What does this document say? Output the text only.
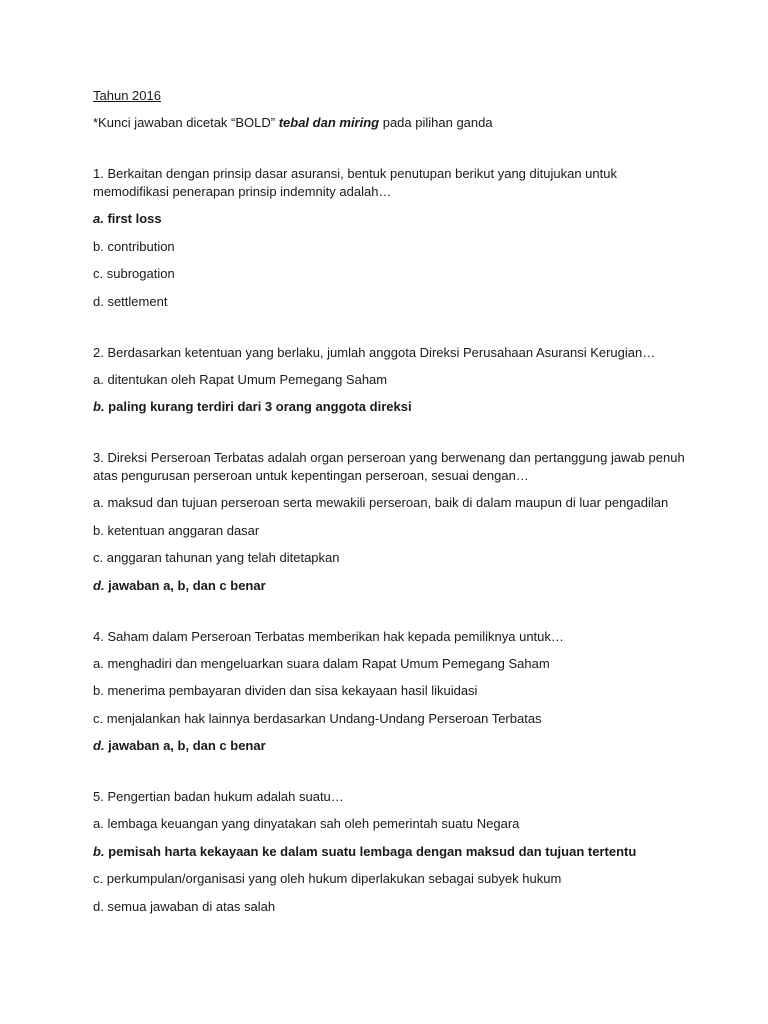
Tahun 2016

*Kunci jawaban dicetak “BOLD” tebal dan miring pada pilihan ganda

1. Berkaitan dengan prinsip dasar asuransi, bentuk penutupan berikut yang ditujukan untuk memodifikasi penerapan prinsip indemnity adalah…

a. first loss

b. contribution

c. subrogation

d. settlement

2. Berdasarkan ketentuan yang berlaku, jumlah anggota Direksi Perusahaan Asuransi Kerugian…

a. ditentukan oleh Rapat Umum Pemegang Saham

b. paling kurang terdiri dari 3 orang anggota direksi

3. Direksi Perseroan Terbatas adalah organ perseroan yang berwenang dan pertanggung jawab penuh atas pengurusan perseroan untuk kepentingan perseroan, sesuai dengan…

a. maksud dan tujuan perseroan serta mewakili perseroan, baik di dalam maupun di luar pengadilan

b. ketentuan anggaran dasar

c. anggaran tahunan yang telah ditetapkan

d. jawaban a, b, dan c benar

4. Saham dalam Perseroan Terbatas memberikan hak kepada pemiliknya untuk…

a. menghadiri dan mengeluarkan suara dalam Rapat Umum Pemegang Saham

b. menerima pembayaran dividen dan sisa kekayaan hasil likuidasi

c. menjalankan hak lainnya berdasarkan Undang-Undang Perseroan Terbatas

d. jawaban a, b, dan c benar

5. Pengertian badan hukum adalah suatu…

a. lembaga keuangan yang dinyatakan sah oleh pemerintah suatu Negara

b. pemisah harta kekayaan ke dalam suatu lembaga dengan maksud dan tujuan tertentu

c. perkumpulan/organisasi yang oleh hukum diperlakukan sebagai subyek hukum

d. semua jawaban di atas salah
